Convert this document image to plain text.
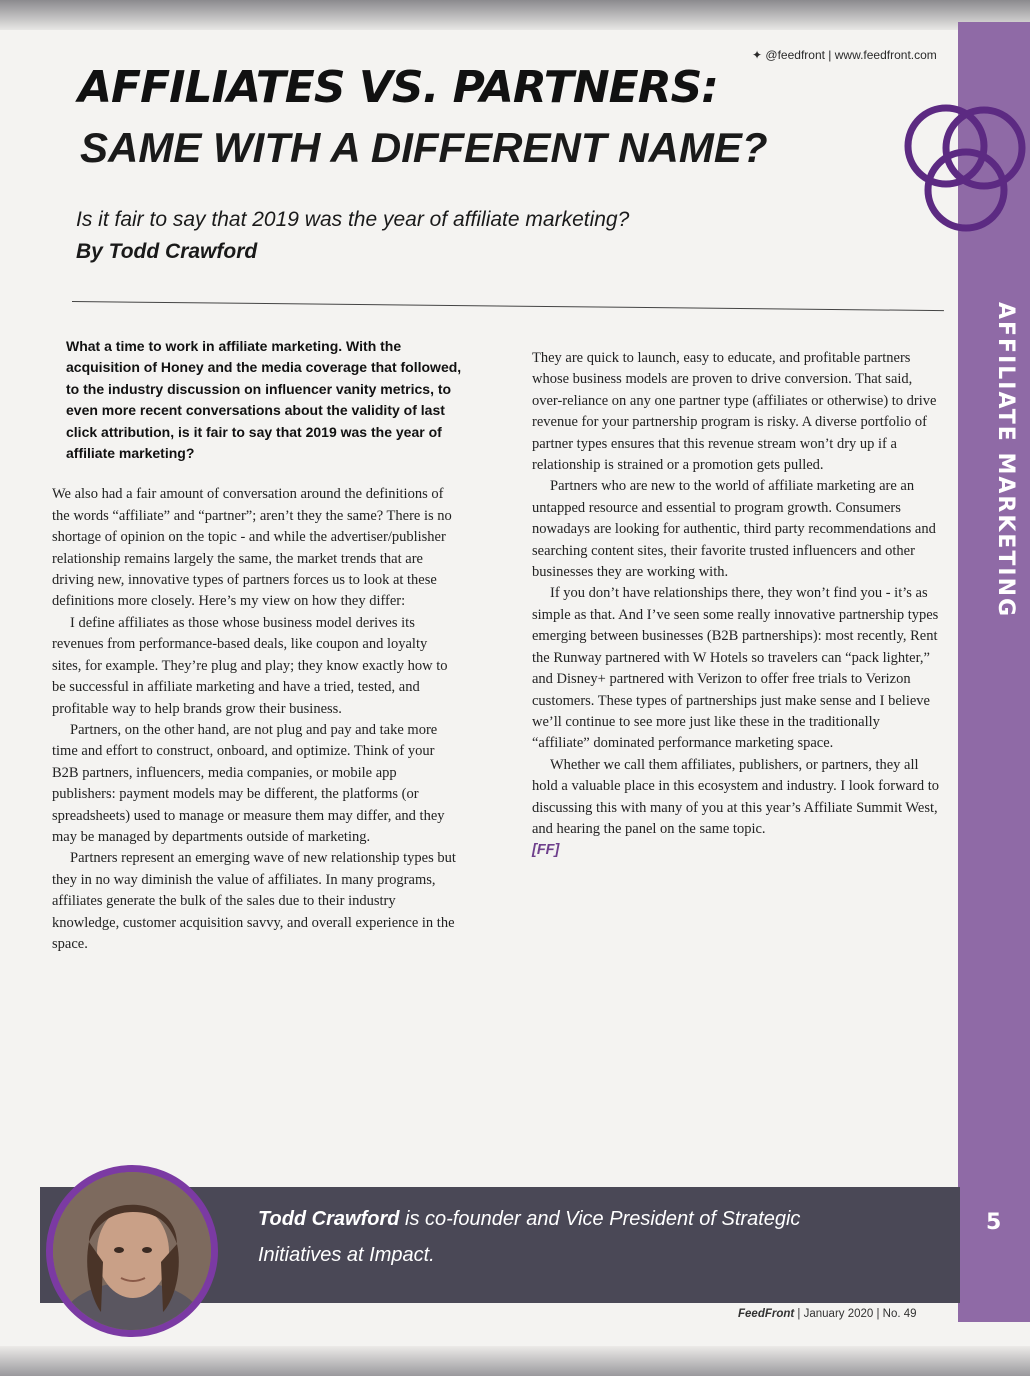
AFFILIATE MARKETING
✦ @feedfront | www.feedfront.com
AFFILIATES VS. PARTNERS:
SAME WITH A DIFFERENT NAME?

Is it fair to say that 2019 was the year of affiliate marketing?

By Todd Crawford

What a time to work in affiliate marketing. With the acquisition of Honey and the media coverage that followed, to the industry discussion on influencer vanity metrics, to even more recent conversations about the validity of last click attribution, is it fair to say that 2019 was the year of affiliate marketing?

We also had a fair amount of conversation around the definitions of the words “affiliate” and “partner”; aren’t they the same? There is no shortage of opinion on the topic - and while the advertiser/publisher relationship remains largely the same, the market trends that are driving new, innovative types of partners forces us to look at these definitions more closely. Here’s my view on how they differ:

I define affiliates as those whose business model derives its revenues from performance-based deals, like coupon and loyalty sites, for example. They’re plug and play; they know exactly how to be successful in affiliate marketing and have a tried, tested, and profitable way to help brands grow their business.

Partners, on the other hand, are not plug and pay and take more time and effort to construct, onboard, and optimize. Think of your B2B partners, influencers, media companies, or mobile app publishers: payment models may be different, the platforms (or spreadsheets) used to manage or measure them may differ, and they may be managed by departments outside of marketing.

Partners represent an emerging wave of new relationship types but they in no way diminish the value of affiliates. In many programs, affiliates generate the bulk of the sales due to their industry knowledge, customer acquisition savvy, and overall experience in the space.

They are quick to launch, easy to educate, and profitable partners whose business models are proven to drive conversion. That said, over-reliance on any one partner type (affiliates or otherwise) to drive revenue for your partnership program is risky. A diverse portfolio of partner types ensures that this revenue stream won’t dry up if a relationship is strained or a promotion gets pulled.

Partners who are new to the world of affiliate marketing are an untapped resource and essential to program growth. Consumers nowadays are looking for authentic, third party recommendations and searching content sites, their favorite trusted influencers and other businesses they are working with.

If you don’t have relationships there, they won’t find you - it’s as simple as that. And I’ve seen some really innovative partnership types emerging between businesses (B2B partnerships): most recently, Rent the Runway partnered with W Hotels so travelers can “pack lighter,” and Disney+ partnered with Verizon to offer free trials to Verizon customers. These types of partnerships just make sense and I believe we’ll continue to see more just like these in the traditionally “affiliate” dominated performance marketing space.

Whether we call them affiliates, publishers, or partners, they all hold a valuable place in this ecosystem and industry. I look forward to discussing this with many of you at this year’s Affiliate Summit West, and hearing the panel on the same topic.

[FF]

Todd Crawford is co-founder and Vice President of Strategic Initiatives at Impact.
5
FeedFront | January 2020 | No. 49
